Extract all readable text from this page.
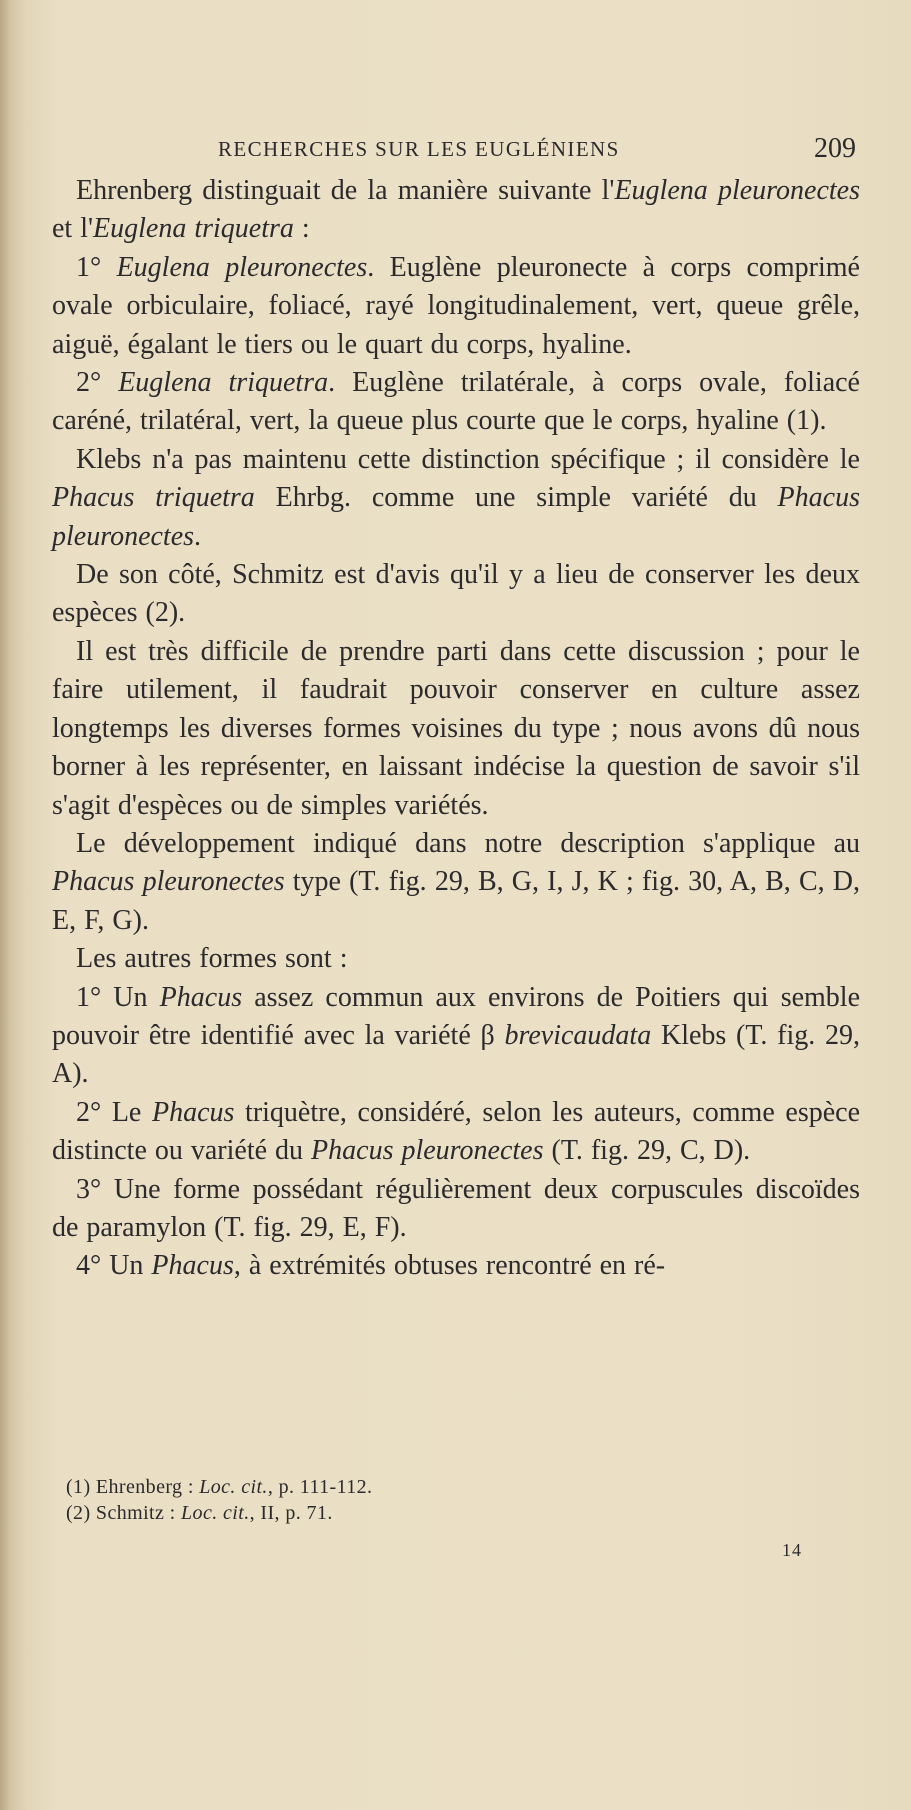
RECHERCHES SUR LES EUGLÉNIENS	209

Ehrenberg distinguait de la manière suivante l'Euglena pleuronectes et l'Euglena triquetra :

1° Euglena pleuronectes. Euglène pleuronecte à corps comprimé ovale orbiculaire, foliacé, rayé longitudinalement, vert, queue grêle, aiguë, égalant le tiers ou le quart du corps, hyaline.

2° Euglena triquetra. Euglène trilatérale, à corps ovale, foliacé caréné, trilatéral, vert, la queue plus courte que le corps, hyaline (1).

Klebs n'a pas maintenu cette distinction spécifique ; il considère le Phacus triquetra Ehrbg. comme une simple variété du Phacus pleuronectes.

De son côté, Schmitz est d'avis qu'il y a lieu de conserver les deux espèces (2).

Il est très difficile de prendre parti dans cette discussion ; pour le faire utilement, il faudrait pouvoir conserver en culture assez longtemps les diverses formes voisines du type ; nous avons dû nous borner à les représenter, en laissant indécise la question de savoir s'il s'agit d'espèces ou de simples variétés.

Le développement indiqué dans notre description s'applique au Phacus pleuronectes type (T. fig. 29, B, G, I, J, K ; fig. 30, A, B, C, D, E, F, G).

Les autres formes sont :

1° Un Phacus assez commun aux environs de Poitiers qui semble pouvoir être identifié avec la variété β brevicaudata Klebs (T. fig. 29, A).

2° Le Phacus triquètre, considéré, selon les auteurs, comme espèce distincte ou variété du Phacus pleuronectes (T. fig. 29, C, D).

3° Une forme possédant régulièrement deux corpuscules discoïdes de paramylon (T. fig. 29, E, F).

4° Un Phacus, à extrémités obtuses rencontré en ré-

(1) Ehrenberg : Loc. cit., p. 111-112.

(2) Schmitz : Loc. cit., II, p. 71.

14
